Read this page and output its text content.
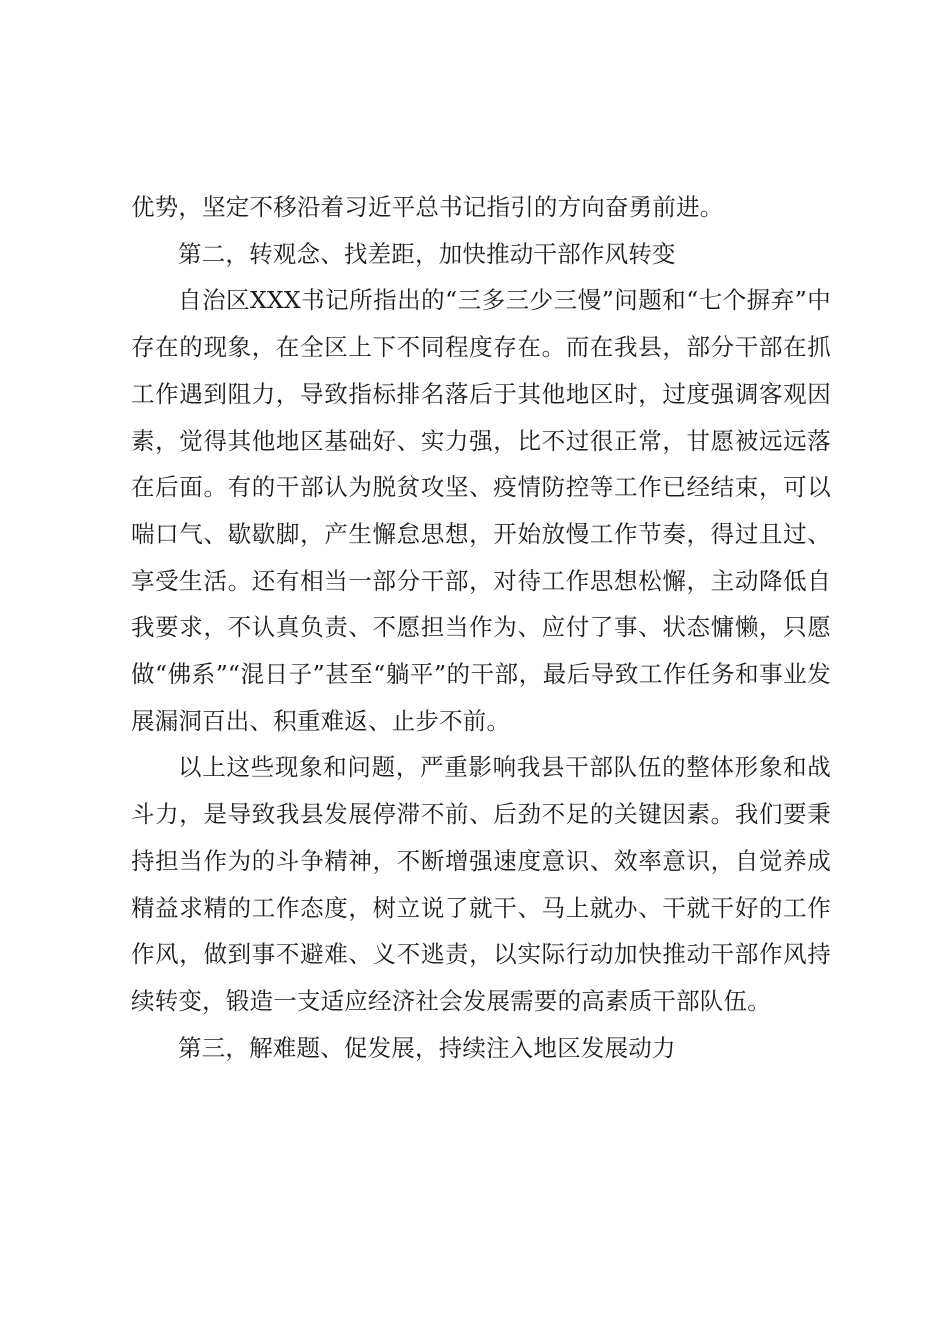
优势，坚定不移沿着习近平总书记指引的方向奋勇前进。

第二，转观念、找差距，加快推动干部作风转变

自治区XXX书记所指出的“三多三少三慢”问题和“七个摒弃”中存在的现象，在全区上下不同程度存在。而在我县，部分干部在抓工作遇到阻力，导致指标排名落后于其他地区时，过度强调客观因素，觉得其他地区基础好、实力强，比不过很正常，甘愿被远远落在后面。有的干部认为脱贫攻坚、疫情防控等工作已经结束，可以喘口气、歇歇脚，产生懈怠思想，开始放慢工作节奏，得过且过、享受生活。还有相当一部分干部，对待工作思想松懈，主动降低自我要求，不认真负责、不愿担当作为、应付了事、状态慵懒，只愿做“佛系”“混日子”甚至“躺平”的干部，最后导致工作任务和事业发展漏洞百出、积重难返、止步不前。

以上这些现象和问题，严重影响我县干部队伍的整体形象和战斗力，是导致我县发展停滞不前、后劲不足的关键因素。我们要秉持担当作为的斗争精神，不断增强速度意识、效率意识，自觉养成精益求精的工作态度，树立说了就干、马上就办、干就干好的工作作风，做到事不避难、义不逃责，以实际行动加快推动干部作风持续转变，锻造一支适应经济社会发展需要的高素质干部队伍。

第三，解难题、促发展，持续注入地区发展动力
